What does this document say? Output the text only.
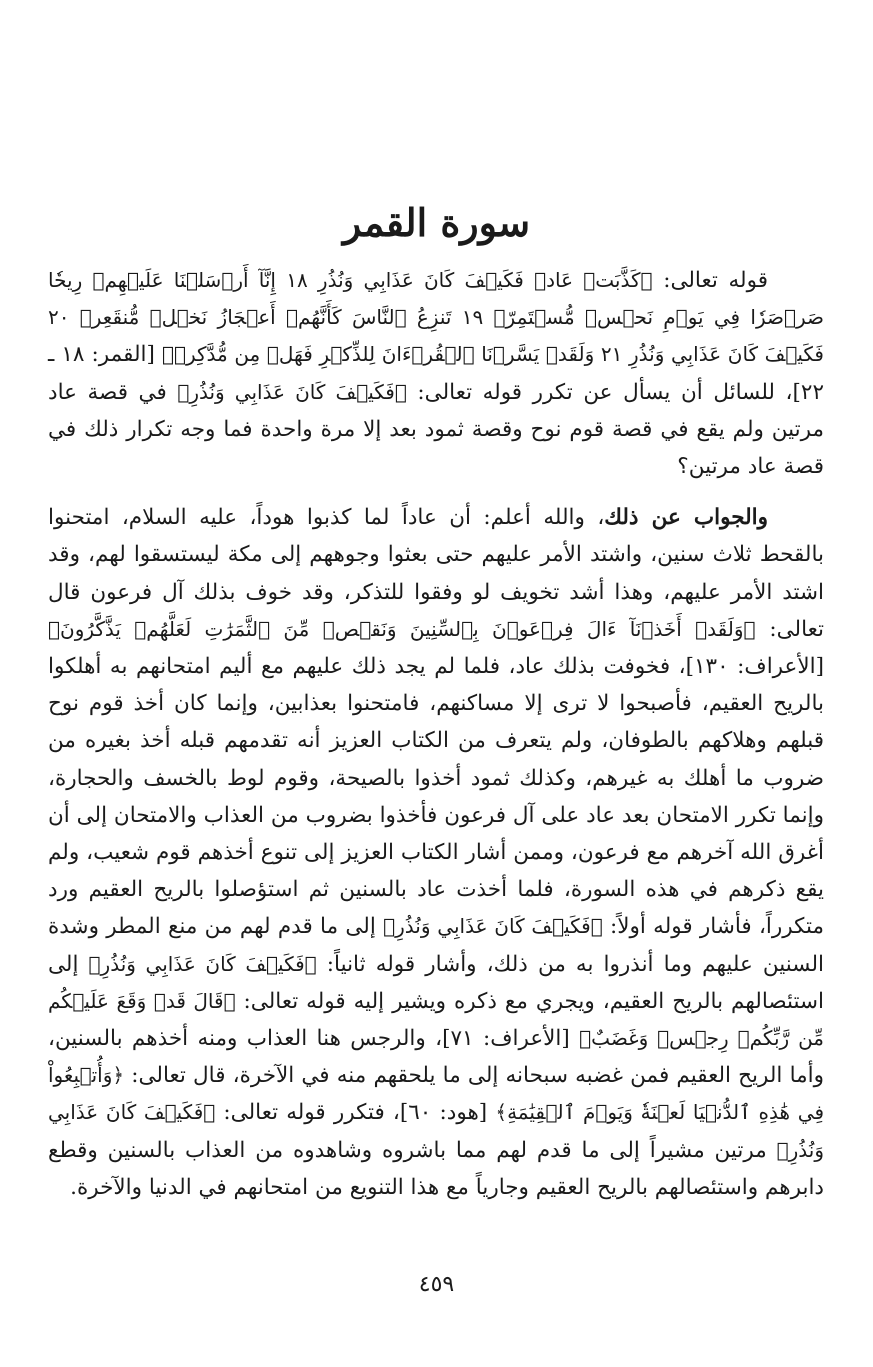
سورة القمر

قوله تعالى: ﴿كَذَّبَتۡ عَادٞ فَكَيۡفَ كَانَ عَذَابِي وَنُذُرِ ١٨ إِنَّآ أَرۡسَلۡنَا عَلَيۡهِمۡ رِيحٗا صَرۡصَرٗا فِي يَوۡمِ نَحۡسٖ مُّسۡتَمِرّٖ ١٩ تَنزِعُ ٱلنَّاسَ كَأَنَّهُمۡ أَعۡجَازُ نَخۡلٖ مُّنقَعِرٖ ٢٠ فَكَيۡفَ كَانَ عَذَابِي وَنُذُرِ ٢١ وَلَقَدۡ يَسَّرۡنَا ٱلۡقُرۡءَانَ لِلذِّكۡرِ فَهَلۡ مِن مُّدَّكِرٖ﴾ [القمر: ١٨ ـ ٢٢]، للسائل أن يسأل عن تكرر قوله تعالى: ﴿فَكَيۡفَ كَانَ عَذَابِي وَنُذُرِ﴾ في قصة عاد مرتين ولم يقع في قصة قوم نوح وقصة ثمود بعد إلا مرة واحدة فما وجه تكرار ذلك في قصة عاد مرتين؟

والجواب عن ذلك، والله أعلم: أن عاداً لما كذبوا هوداً، عليه السلام، امتحنوا بالقحط ثلاث سنين، واشتد الأمر عليهم حتى بعثوا وجوههم إلى مكة ليستسقوا لهم، وقد اشتد الأمر عليهم، وهذا أشد تخويف لو وفقوا للتذكر، وقد خوف بذلك آل فرعون قال تعالى: ﴿وَلَقَدۡ أَخَذۡنَآ ءَالَ فِرۡعَوۡنَ بِٱلسِّنِينَ وَنَقۡصٖ مِّنَ ٱلثَّمَرَٰتِ لَعَلَّهُمۡ يَذَّكَّرُونَ﴾ [الأعراف: ١٣٠]، فخوفت بذلك عاد، فلما لم يجد ذلك عليهم مع أليم امتحانهم به أهلكوا بالريح العقيم، فأصبحوا لا ترى إلا مساكنهم، فامتحنوا بعذابين، وإنما كان أخذ قوم نوح قبلهم وهلاكهم بالطوفان، ولم يتعرف من الكتاب العزيز أنه تقدمهم قبله أخذ بغيره من ضروب ما أهلك به غيرهم، وكذلك ثمود أخذوا بالصيحة، وقوم لوط بالخسف والحجارة، وإنما تكرر الامتحان بعد عاد على آل فرعون فأخذوا بضروب من العذاب والامتحان إلى أن أغرق الله آخرهم مع فرعون، وممن أشار الكتاب العزيز إلى تنوع أخذهم قوم شعيب، ولم يقع ذكرهم في هذه السورة، فلما أخذت عاد بالسنين ثم استؤصلوا بالريح العقيم ورد متكرراً، فأشار قوله أولاً: ﴿فَكَيۡفَ كَانَ عَذَابِي وَنُذُرِ﴾ إلى ما قدم لهم من منع المطر وشدة السنين عليهم وما أنذروا به من ذلك، وأشار قوله ثانياً: ﴿فَكَيۡفَ كَانَ عَذَابِي وَنُذُرِ﴾ إلى استئصالهم بالريح العقيم، ويجري مع ذكره ويشير إليه قوله تعالى: ﴿قَالَ قَدۡ وَقَعَ عَلَيۡكُم مِّن رَّبِّكُمۡ رِجۡسٞ وَغَضَبٌ﴾ [الأعراف: ٧١]، والرجس هنا العذاب ومنه أخذهم بالسنين، وأما الريح العقيم فمن غضبه سبحانه إلى ما يلحقهم منه في الآخرة، قال تعالى: ﴿وَأُتۡبِعُواْ فِي هَٰذِهِ ٱلدُّنۡيَا لَعۡنَةٗ وَيَوۡمَ ٱلۡقِيَٰمَةِ﴾ [هود: ٦٠]، فتكرر قوله تعالى: ﴿فَكَيۡفَ كَانَ عَذَابِي وَنُذُرِ﴾ مرتين مشيراً إلى ما قدم لهم مما باشروه وشاهدوه من العذاب بالسنين وقطع دابرهم واستئصالهم بالريح العقيم وجارياً مع هذا التنويع من امتحانهم في الدنيا والآخرة.

٤٥٩
